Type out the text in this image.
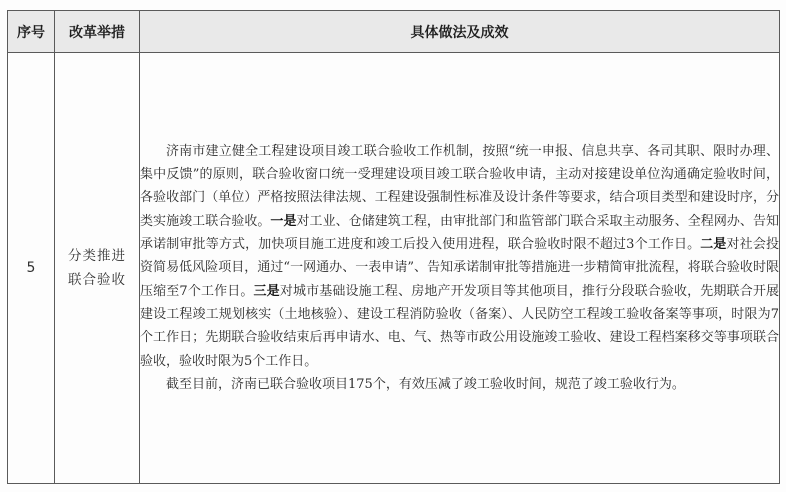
序号	改革举措	具体做法及成效
5	分类推进联合验收	济南市建立健全工程建设项目竣工联合验收工作机制，按照“统一申报、信息共享、各司其职、限时办理、集中反馈”的原则，联合验收窗口统一受理建设项目竣工联合验收申请，主动对接建设单位沟通确定验收时间，各验收部门（单位）严格按照法律法规、工程建设强制性标准及设计条件等要求，结合项目类型和建设时序，分类实施竣工联合验收。一是对工业、仓储建筑工程，由审批部门和监管部门联合采取主动服务、全程网办、告知承诺制审批等方式，加快项目施工进度和竣工后投入使用进程，联合验收时限不超过3个工作日。二是对社会投资简易低风险项目，通过“一网通办、一表申请”、告知承诺制审批等措施进一步精简审批流程，将联合验收时限压缩至7个工作日。三是对城市基础设施工程、房地产开发项目等其他项目，推行分段联合验收，先期联合开展建设工程竣工规划核实（土地核验）、建设工程消防验收（备案）、人民防空工程竣工验收备案等事项，时限为7个工作日；先期联合验收结束后再申请水、电、气、热等市政公用设施竣工验收、建设工程档案移交等事项联合验收，验收时限为5个工作日。

截至目前，济南已联合验收项目175个，有效压减了竣工验收时间，规范了竣工验收行为。
